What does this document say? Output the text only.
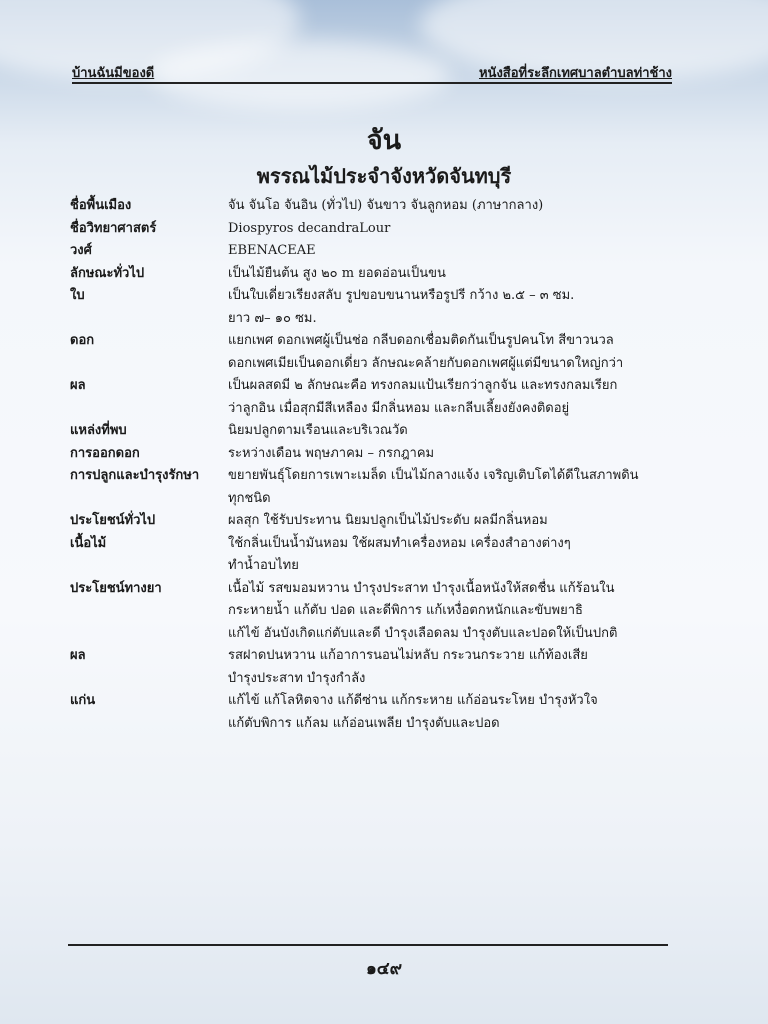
บ้านฉันมีของดี	หนังสือที่ระลึกเทศบาลตำบลท่าช้าง
จัน
พรรณไม้ประจำจังหวัดจันทบุรี
ชื่อพื้นเมือง	จัน จันโอ จันอิน (ทั่วไป) จันขาว จันลูกหอม (ภาษากลาง)
ชื่อวิทยาศาสตร์	Diospyros decandraLour
วงศ์	EBENACEAE
ลักษณะทั่วไป	เป็นไม้ยืนต้น สูง ๒๐ m ยอดอ่อนเป็นขน
ใบ	เป็นใบเดี่ยวเรียงสลับ รูปขอบขนานหรือรูปรี กว้าง ๒.๕ – ๓ ซม.
ยาว ๗– ๑๐ ซม.
ดอก	แยกเพศ ดอกเพศผู้เป็นช่อ กลีบดอกเชื่อมติดกันเป็นรูปคนโท สีขาวนวล
ดอกเพศเมียเป็นดอกเดี่ยว ลักษณะคล้ายกับดอกเพศผู้แต่มีขนาดใหญ่กว่า
ผล	เป็นผลสดมี ๒ ลักษณะคือ ทรงกลมแป้นเรียกว่าลูกจัน และทรงกลมเรียก
ว่าลูกอิน เมื่อสุกมีสีเหลือง มีกลิ่นหอม และกลีบเลี้ยงยังคงติดอยู่
แหล่งที่พบ	นิยมปลูกตามเรือนและบริเวณวัด
การออกดอก	ระหว่างเดือน พฤษภาคม – กรกฎาคม
การปลูกและบำรุงรักษา	ขยายพันธุ์โดยการเพาะเมล็ด เป็นไม้กลางแจ้ง เจริญเติบโตได้ดีในสภาพดิน
ทุกชนิด
ประโยชน์ทั่วไป	ผลสุก ใช้รับประทาน นิยมปลูกเป็นไม้ประดับ ผลมีกลิ่นหอม
เนื้อไม้	ใช้กลิ่นเป็นน้ำมันหอม ใช้ผสมทำเครื่องหอม เครื่องสำอางต่างๆ
ทำน้ำอบไทย
ประโยชน์ทางยา	เนื้อไม้ รสขมอมหวาน บำรุงประสาท บำรุงเนื้อหนังให้สดชื่น แก้ร้อนใน
กระหายน้ำ แก้ตับ ปอด และดีพิการ แก้เหงื่อตกหนักและขับพยาธิ
แก้ไข้ อันบังเกิดแก่ตับและดี บำรุงเลือดลม บำรุงตับและปอดให้เป็นปกติ
ผล	รสฝาดปนหวาน แก้อาการนอนไม่หลับ กระวนกระวาย แก้ท้องเสีย
บำรุงประสาท บำรุงกำลัง
แก่น	แก้ไข้ แก้โลหิตจาง แก้ดีซ่าน แก้กระหาย แก้อ่อนระโหย บำรุงหัวใจ
แก้ตับพิการ แก้ลม แก้อ่อนเพลีย บำรุงตับและปอด
๑๔๙
